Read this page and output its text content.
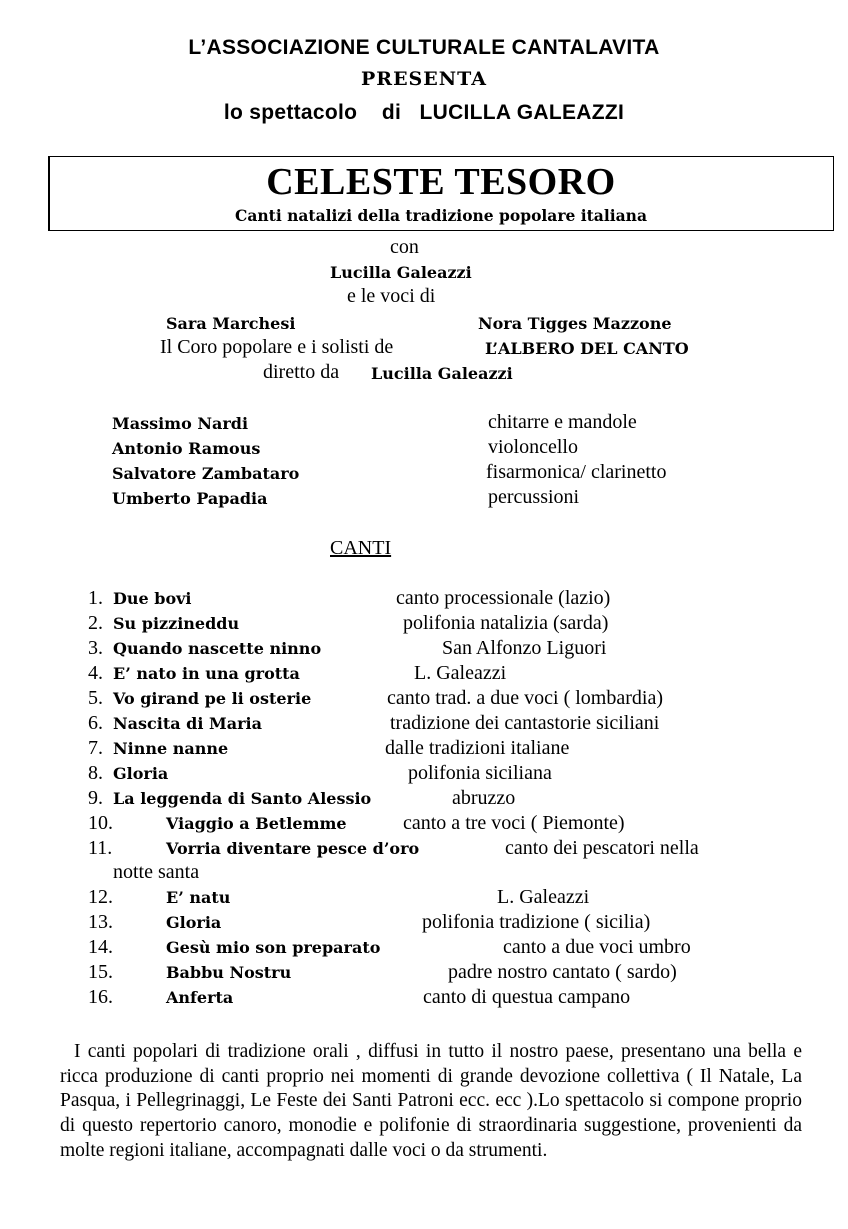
L’ASSOCIAZIONE CULTURALE CANTALAVITA
PRESENTA
lo spettacolo di LUCILLA GALEAZZI
CELESTE TESORO
Canti natalizi della tradizione popolare italiana
con
Lucilla Galeazzi
e le voci di
Sara Marchesi	Nora Tigges Mazzone
Il Coro popolare e i solisti de	L’ALBERO DEL CANTO
diretto da Lucilla Galeazzi
Massimo Nardi	chitarre e mandole
Antonio Ramous	violoncello
Salvatore Zambataro	fisarmonica/ clarinetto
Umberto Papadia	percussioni
CANTI
1. Due bovi	canto processionale (lazio)
2. Su pizzineddu	polifonia natalizia (sarda)
3. Quando nascette ninno	San Alfonzo Liguori
4. E’ nato in una grotta	L. Galeazzi
5. Vo girand pe li osterie	canto trad. a due voci ( lombardia)
6. Nascita di Maria	tradizione dei cantastorie siciliani
7. Ninne nanne	dalle tradizioni italiane
8. Gloria	polifonia siciliana
9. La leggenda di Santo Alessio	abruzzo
10.	Viaggio a Betlemme	canto a tre voci ( Piemonte)
11.	Vorria diventare pesce d’oro	canto dei pescatori nella
notte santa
12.	E’ natu	L. Galeazzi
13.	Gloria	polifonia tradizione ( sicilia)
14.	Gesù mio son preparato	canto a due voci umbro
15.	Babbu Nostru	padre nostro cantato ( sardo)
16.	Anferta	canto di questua campano
I canti popolari di tradizione orali , diffusi in tutto il nostro paese, presentano una bella e ricca produzione di canti proprio nei momenti di grande devozione collettiva ( Il Natale, La Pasqua, i Pellegrinaggi, Le Feste dei Santi Patroni ecc. ecc ).Lo spettacolo si compone proprio di questo repertorio canoro, monodie e polifonie di straordinaria suggestione, provenienti da molte regioni italiane, accompagnati dalle voci o da strumenti.
